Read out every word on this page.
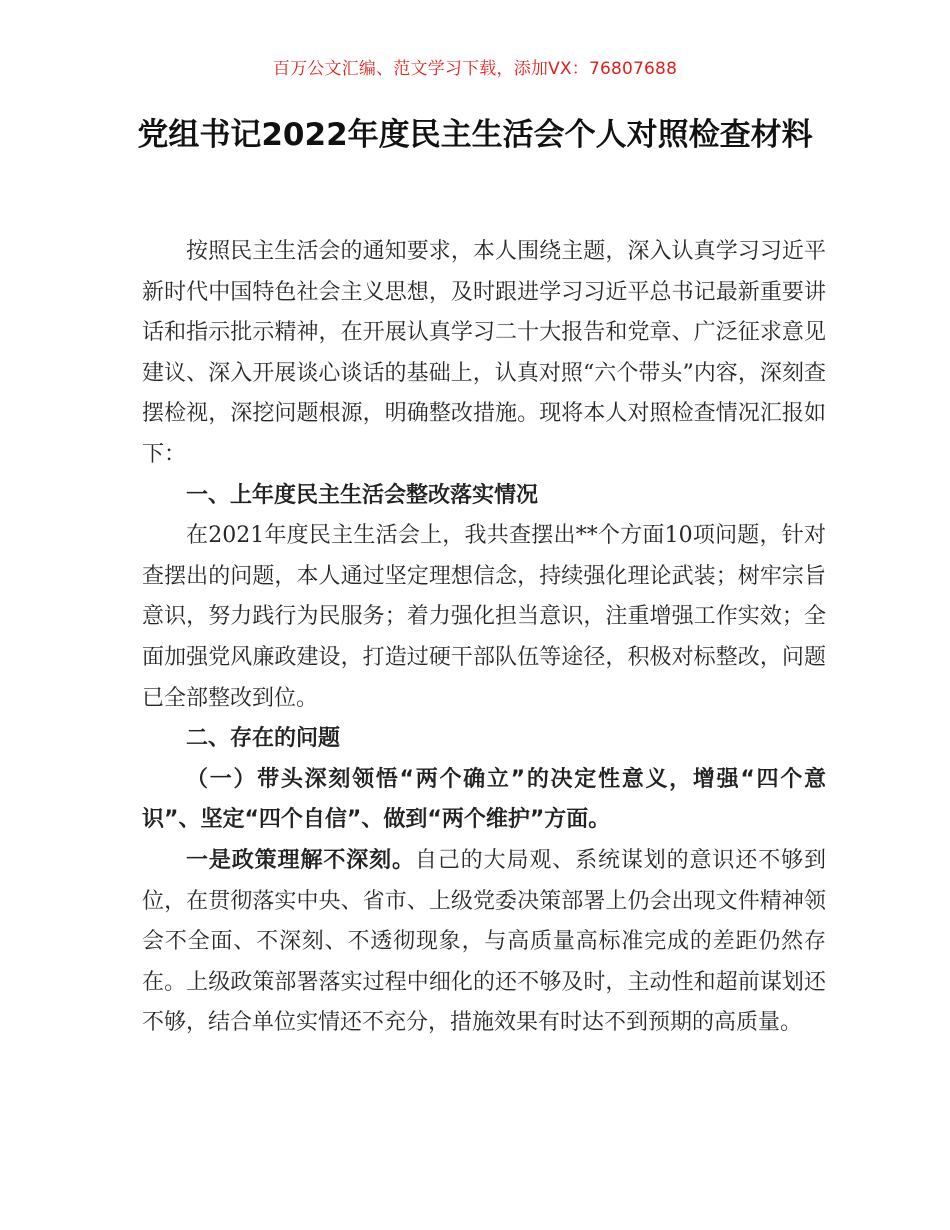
百万公文汇编、范文学习下载，添加VX：76807688
党组书记2022年度民主生活会个人对照检查材料

按照民主生活会的通知要求，本人围绕主题，深入认真学习习近平新时代中国特色社会主义思想，及时跟进学习习近平总书记最新重要讲话和指示批示精神，在开展认真学习二十大报告和党章、广泛征求意见建议、深入开展谈心谈话的基础上，认真对照“六个带头”内容，深刻查摆检视，深挖问题根源，明确整改措施。现将本人对照检查情况汇报如下：

一、上年度民主生活会整改落实情况

在2021年度民主生活会上，我共查摆出**个方面10项问题，针对查摆出的问题，本人通过坚定理想信念，持续强化理论武装；树牢宗旨意识，努力践行为民服务；着力强化担当意识，注重增强工作实效；全面加强党风廉政建设，打造过硬干部队伍等途径，积极对标整改，问题已全部整改到位。

二、存在的问题

（一）带头深刻领悟“两个确立”的决定性意义，增强“四个意识”、坚定“四个自信”、做到“两个维护”方面。

一是政策理解不深刻。自己的大局观、系统谋划的意识还不够到位，在贯彻落实中央、省市、上级党委决策部署上仍会出现文件精神领会不全面、不深刻、不透彻现象，与高质量高标准完成的差距仍然存在。上级政策部署落实过程中细化的还不够及时，主动性和超前谋划还不够，结合单位实情还不充分，措施效果有时达不到预期的高质量。
